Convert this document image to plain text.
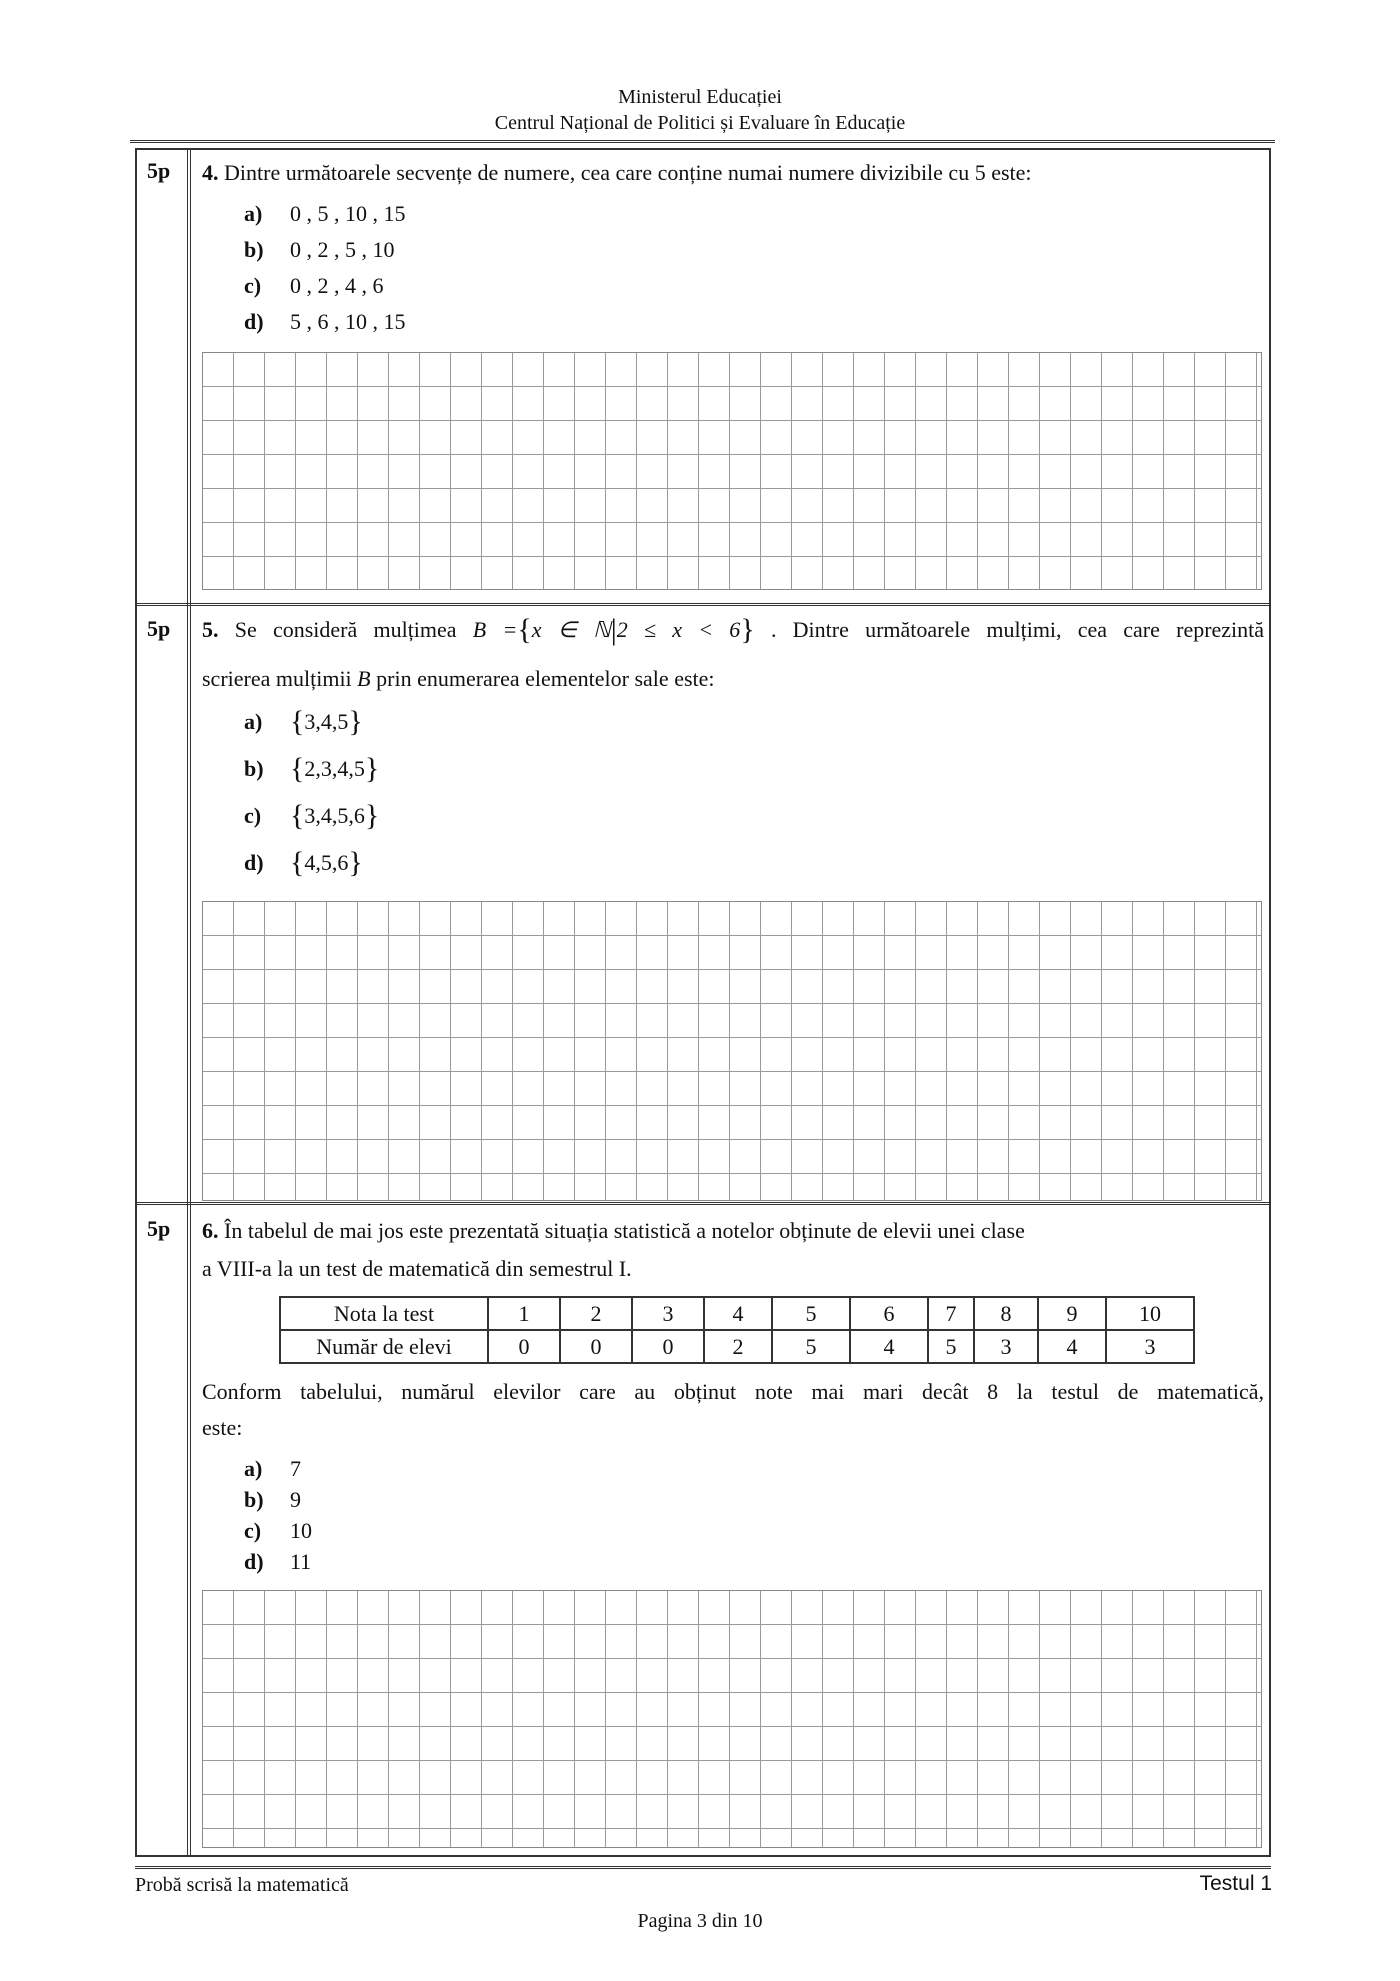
Ministerul Educației
Centrul Național de Politici și Evaluare în Educație
5p 4. Dintre următoarele secvențe de numere, cea care conține numai numere divizibile cu 5 este:
a) 0 , 5 , 10 , 15
b) 0 , 2 , 5 , 10
c) 0 , 2 , 4 , 6
d) 5 , 6 , 10 , 15
5p 5. Se consideră mulțimea B ={x ∈ ℕ|2 ≤ x < 6} . Dintre următoarele mulțimi, cea care reprezintă
scrierea mulțimii B prin enumerarea elementelor sale este:
a) {3,4,5}
b) {2,3,4,5}
c) {3,4,5,6}
d) {4,5,6}
5p 6. În tabelul de mai jos este prezentată situația statistică a notelor obținute de elevii unei clase
a VIII-a la un test de matematică din semestrul I.
Nota la test	1	2	3	4	5	6	7	8	9	10
Număr de elevi	0	0	0	2	5	4	5	3	4	3
Conform tabelului, numărul elevilor care au obținut note mai mari decât 8 la testul de matematică,
este:
a) 7
b) 9
c) 10
d) 11
Probă scrisă la matematică	Testul 1
Pagina 3 din 10
